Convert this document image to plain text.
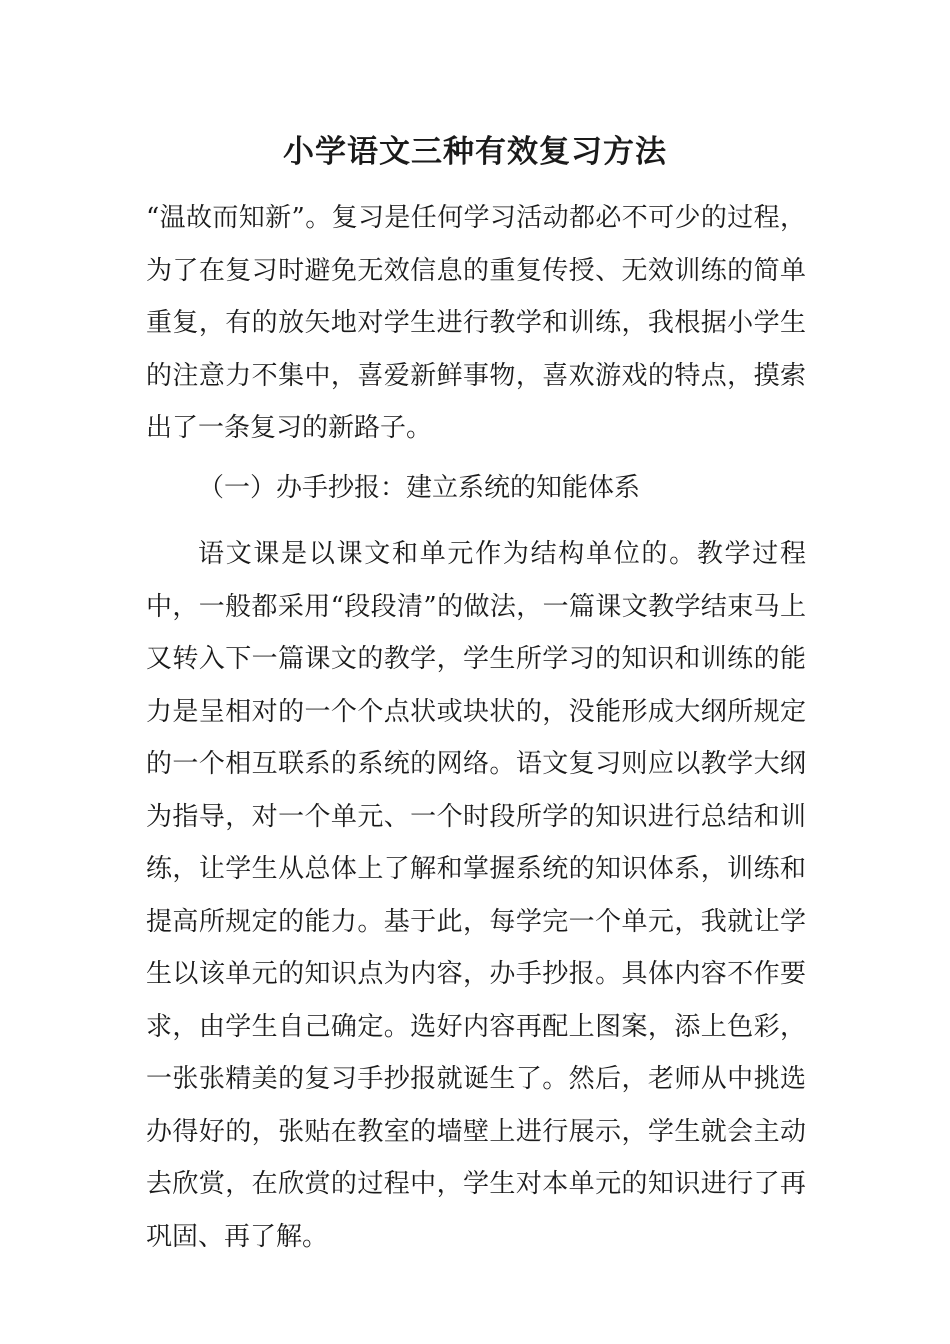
小学语文三种有效复习方法

“温故而知新”。复习是任何学习活动都必不可少的过程，为了在复习时避免无效信息的重复传授、无效训练的简单重复，有的放矢地对学生进行教学和训练，我根据小学生的注意力不集中，喜爱新鲜事物，喜欢游戏的特点，摸索出了一条复习的新路子。

（一）办手抄报：建立系统的知能体系

语文课是以课文和单元作为结构单位的。教学过程中，一般都采用“段段清”的做法，一篇课文教学结束马上又转入下一篇课文的教学，学生所学习的知识和训练的能力是呈相对的一个个点状或块状的，没能形成大纲所规定的一个相互联系的系统的网络。语文复习则应以教学大纲为指导，对一个单元、一个时段所学的知识进行总结和训练，让学生从总体上了解和掌握系统的知识体系，训练和提高所规定的能力。基于此，每学完一个单元，我就让学生以该单元的知识点为内容，办手抄报。具体内容不作要求，由学生自己确定。选好内容再配上图案，添上色彩，一张张精美的复习手抄报就诞生了。然后，老师从中挑选办得好的，张贴在教室的墙壁上进行展示，学生就会主动去欣赏，在欣赏的过程中，学生对本单元的知识进行了再巩固、再了解。
